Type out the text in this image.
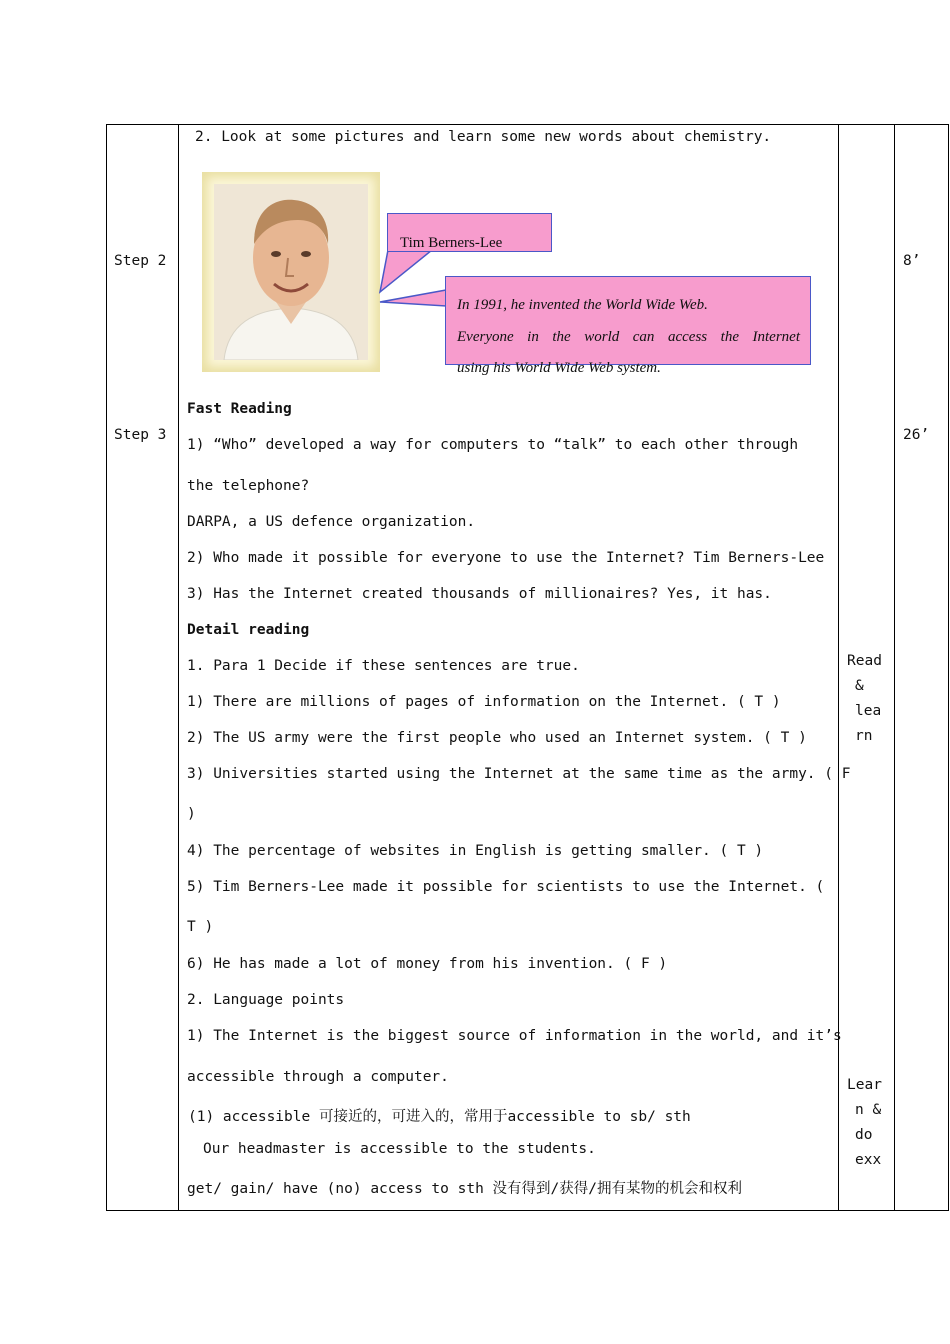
Step 2
Step 3
8’
26’
2. Look at some pictures and learn some new words about chemistry.
Tim Berners-Lee
In 1991, he invented the World Wide Web.
Everyone in the world can access the Internet
using his World Wide Web system.
Fast Reading
1) “Who” developed a way for computers to “talk” to each other through
the telephone?
DARPA, a US defence organization.
2) Who made it possible for everyone to use the Internet? Tim Berners-Lee
3) Has the Internet created thousands of millionaires? Yes, it has.
Detail reading
1. Para 1 Decide if these sentences are true.
1) There are millions of pages of information on the Internet. ( T )
2) The US army were the first people who used an Internet system. ( T )
3) Universities started using the Internet at the same time as the army. ( F
)
4) The percentage of websites in English is getting smaller. ( T )
5) Tim Berners-Lee made it possible for scientists to use the Internet. (
T )
6) He has made a lot of money from his invention. ( F )
2. Language points
1) The Internet is the biggest source of information in the world, and it’s
accessible through a computer.
(1) accessible 可接近的，可进入的，常用于accessible to sb/ sth
Our headmaster is accessible to the students.
get/ gain/ have (no) access to sth 没有得到/获得/拥有某物的机会和权利
Read
&
lea
rn
Lear
n &
do
exx
